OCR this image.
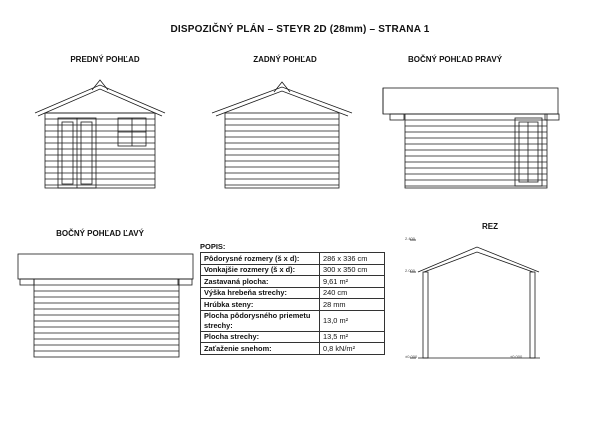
DISPOZIČNÝ PLÁN – STEYR 2D (28mm) – STRANA 1
PREDNÝ POHĽAD	ZADNÝ POHĽAD	BOČNÝ POHĽAD PRAVÝ
BOČNÝ POHĽAD ĽAVÝ
REZ
2.400
2.000
±0.000	±0.000
POPIS:
Pôdorysné rozmery (š x d):	286 x 336 cm
Vonkajšie rozmery (š x d):	300 x 350 cm
Zastavaná plocha:	9,61 m²
Výška hrebeňa strechy:	240 cm
Hrúbka steny:	28 mm
Plocha pôdorysného priemetu strechy:	13,0 m²
Plocha strechy:	13,5 m²
Zaťaženie snehom:	0,8 kN/m²
